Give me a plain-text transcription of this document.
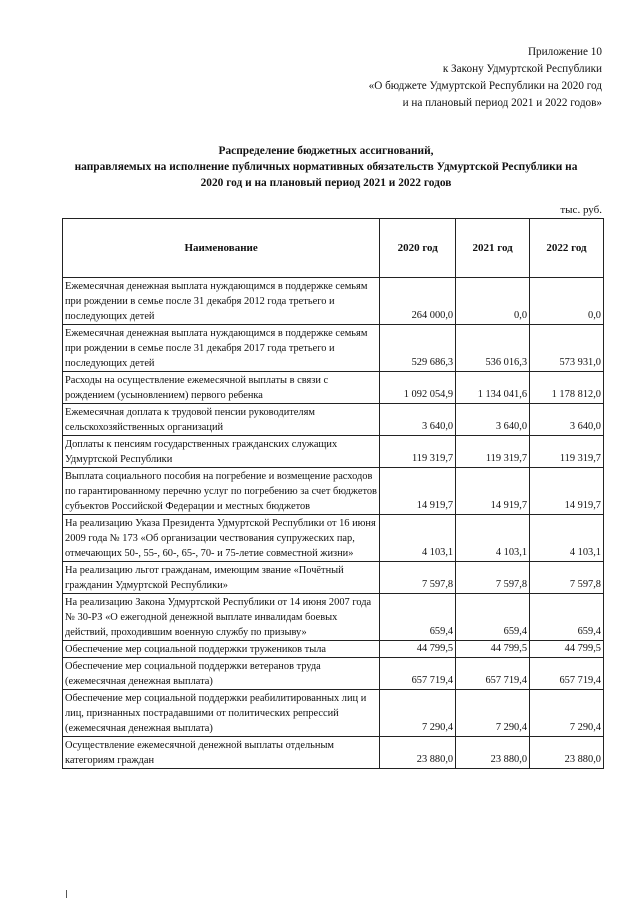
Приложение 10
к Закону Удмуртской Республики
«О бюджете Удмуртской Республики на 2020 год
и на плановый период 2021 и 2022 годов»
Распределение бюджетных ассигнований,
направляемых на исполнение публичных нормативных обязательств Удмуртской Республики на
2020 год и на плановый период 2021 и 2022 годов
тыс. руб.
Наименование	2020 год	2021 год	2022 год
Ежемесячная денежная выплата нуждающимся в поддержке семьям при рождении в семье после 31 декабря 2012 года третьего и последующих детей	264 000,0	0,0	0,0
Ежемесячная денежная выплата нуждающимся в поддержке семьям при рождении в семье после 31 декабря 2017 года третьего и последующих детей	529 686,3	536 016,3	573 931,0
Расходы на осуществление ежемесячной выплаты в связи с рождением (усыновлением) первого ребенка	1 092 054,9	1 134 041,6	1 178 812,0
Ежемесячная доплата к трудовой пенсии руководителям сельскохозяйственных организаций	3 640,0	3 640,0	3 640,0
Доплаты к пенсиям государственных гражданских служащих Удмуртской Республики	119 319,7	119 319,7	119 319,7
Выплата социального пособия на погребение и возмещение расходов по гарантированному перечню услуг по погребению за счет бюджетов субъектов Российской Федерации и местных бюджетов	14 919,7	14 919,7	14 919,7
На реализацию Указа Президента Удмуртской Республики от 16 июня 2009 года № 173 «Об организации чествования супружеских пар, отмечающих 50-, 55-, 60-, 65-, 70- и 75-летие совместной жизни»	4 103,1	4 103,1	4 103,1
На реализацию льгот гражданам, имеющим звание «Почётный гражданин Удмуртской Республики»	7 597,8	7 597,8	7 597,8
На реализацию Закона Удмуртской Республики от 14 июня 2007 года № 30-РЗ «О ежегодной денежной выплате инвалидам боевых действий, проходившим военную службу по призыву»	659,4	659,4	659,4
Обеспечение мер социальной поддержки тружеников тыла	44 799,5	44 799,5	44 799,5
Обеспечение мер социальной поддержки ветеранов труда (ежемесячная денежная выплата)	657 719,4	657 719,4	657 719,4
Обеспечение мер социальной поддержки реабилитированных лиц и лиц, признанных пострадавшими от политических репрессий (ежемесячная денежная выплата)	7 290,4	7 290,4	7 290,4
Осуществление ежемесячной денежной выплаты отдельным категориям граждан	23 880,0	23 880,0	23 880,0
